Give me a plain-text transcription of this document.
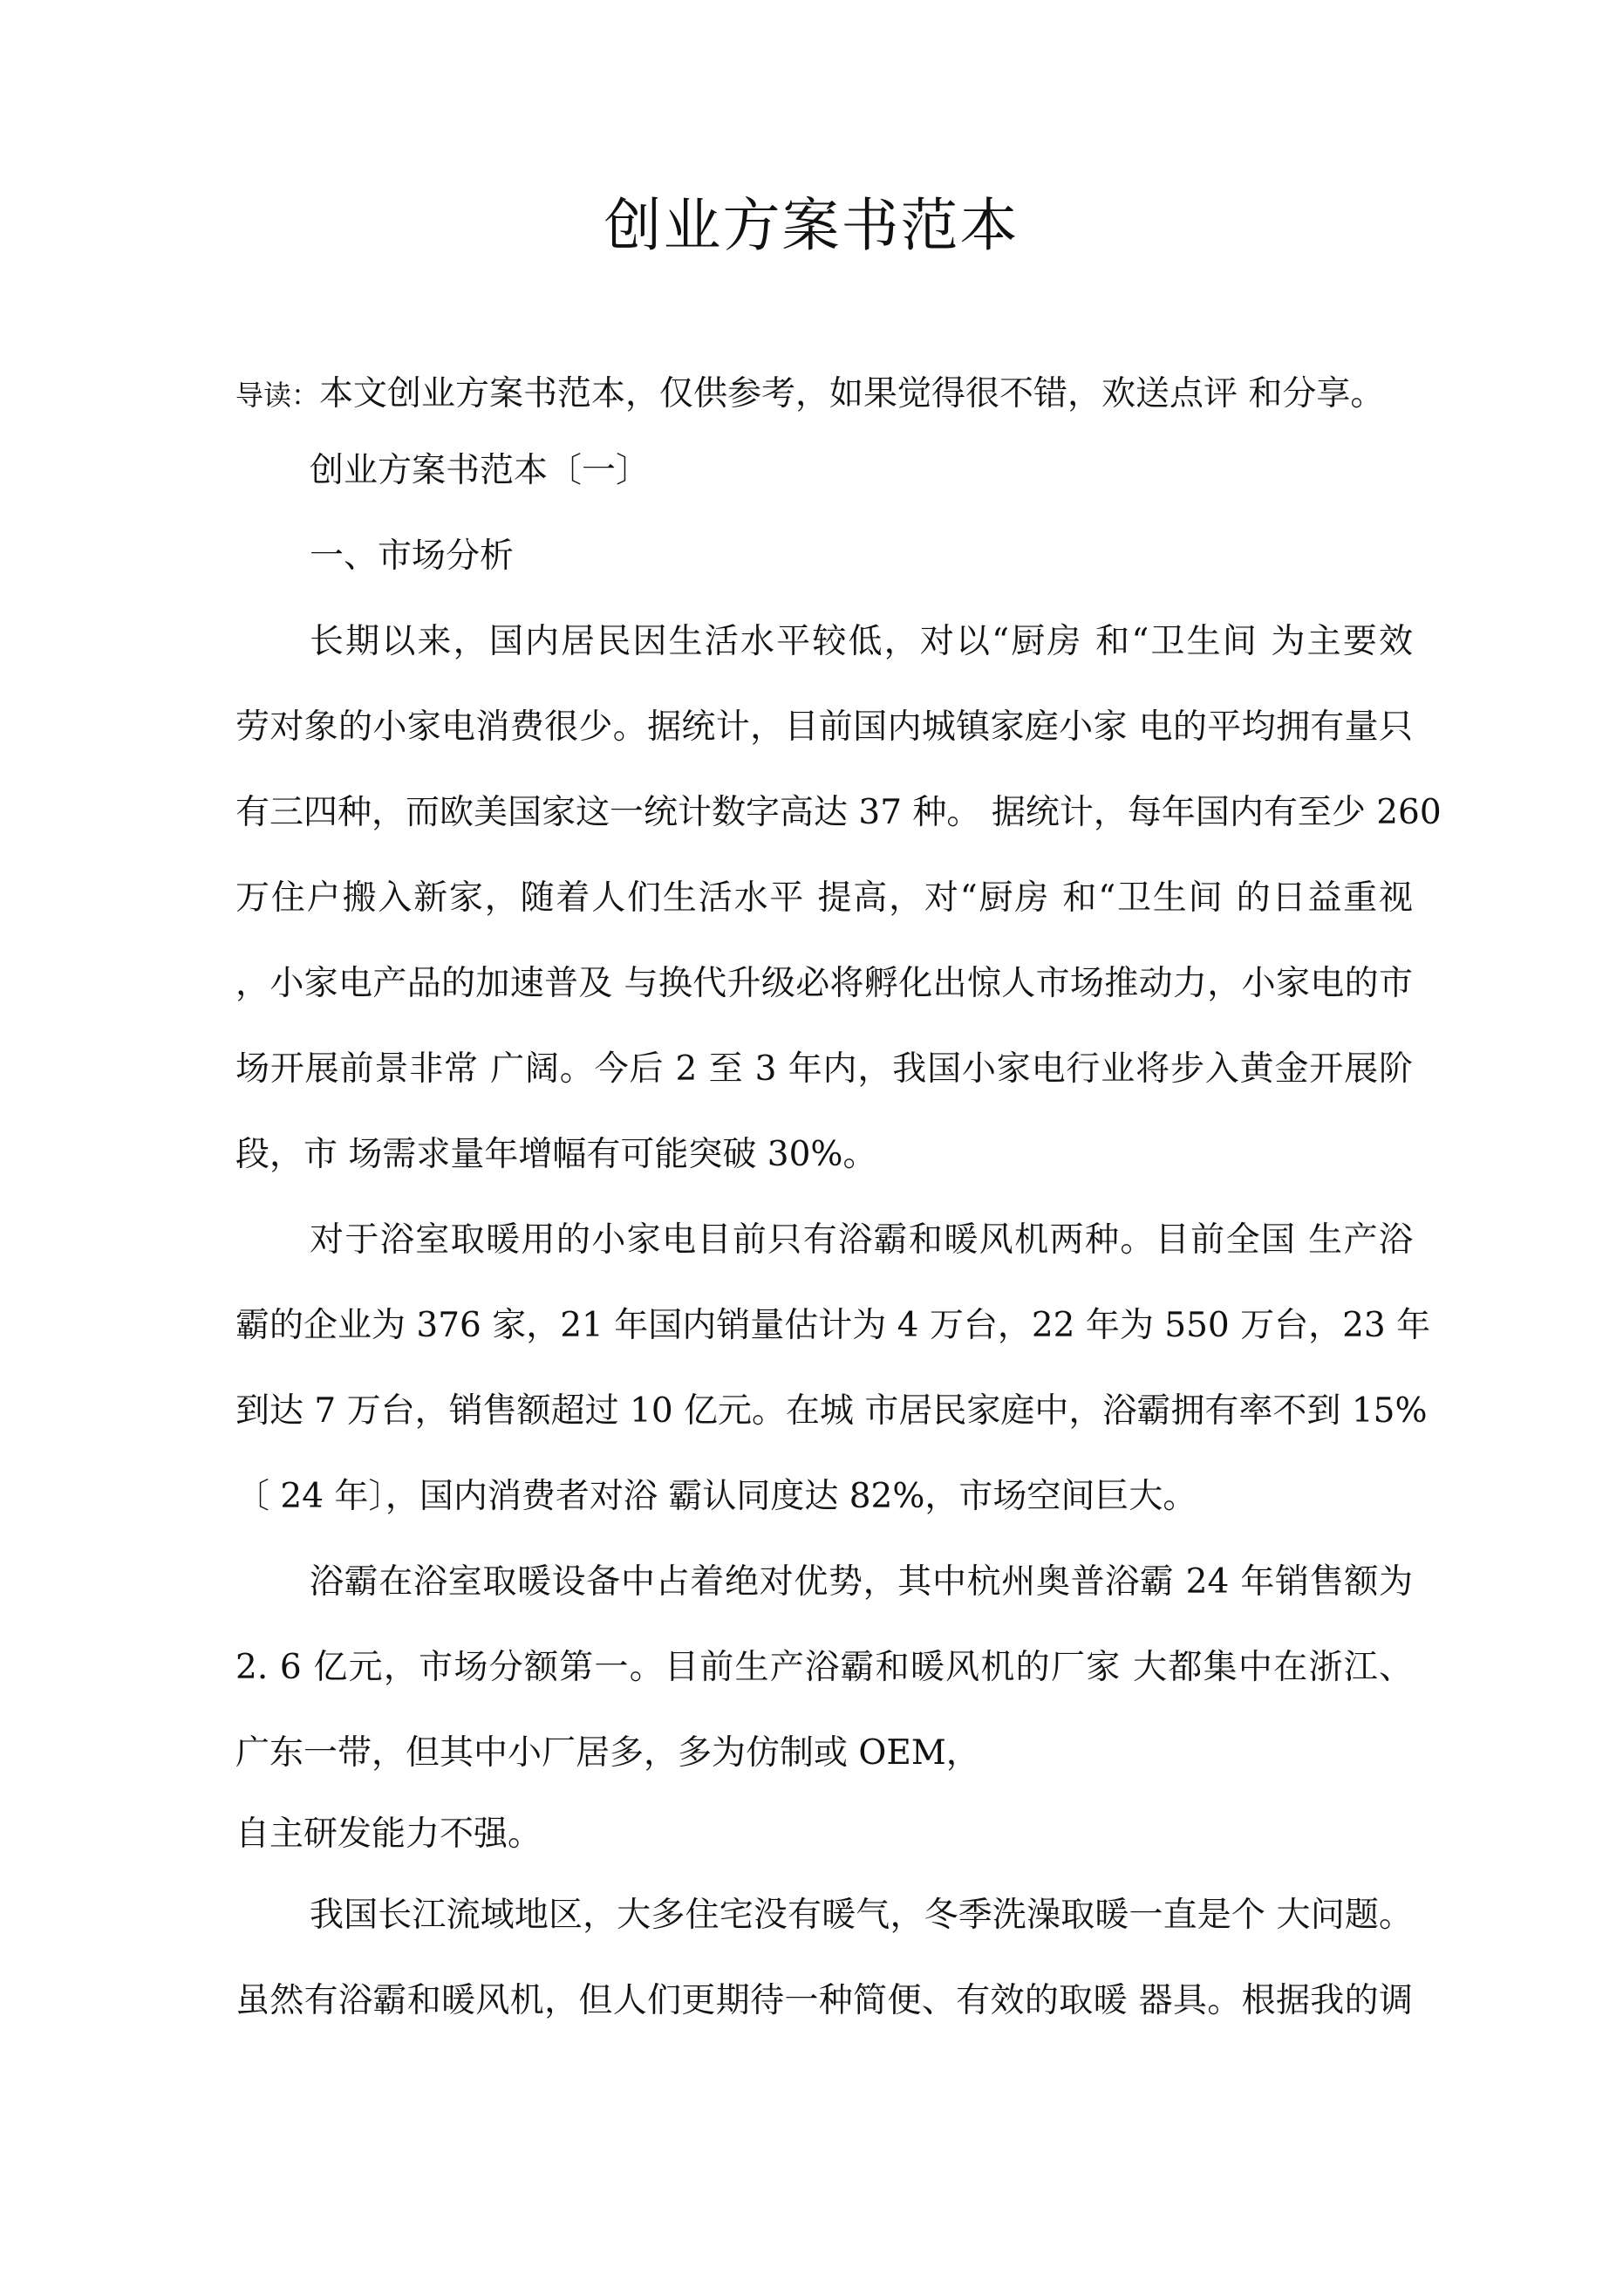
创业方案书范本
导读：本文创业方案书范本，仅供参考，如果觉得很不错，欢送点评 和分享。
创业方案书范本〔一〕
一、市场分析
长期以来，国内居民因生活水平较低，对以“厨房 和“卫生间 为主要效
劳对象的小家电消费很少。据统计，目前国内城镇家庭小家 电的平均拥有量只
有三四种，而欧美国家这一统计数字高达 37 种。 据统计，每年国内有至少 260
万住户搬入新家，随着人们生活水平 提高，对“厨房 和“卫生间 的日益重视
，小家电产品的加速普及 与换代升级必将孵化出惊人市场推动力，小家电的市
场开展前景非常 广阔。今后 2 至 3 年内，我国小家电行业将步入黄金开展阶
段，市 场需求量年增幅有可能突破 30%。
对于浴室取暖用的小家电目前只有浴霸和暖风机两种。目前全国 生产浴
霸的企业为 376 家，21 年国内销量估计为 4 万台，22 年为 550 万台，23 年
到达 7 万台，销售额超过 10 亿元。在城 市居民家庭中，浴霸拥有率不到 15%
〔 24 年〕，国内消费者对浴 霸认同度达 82%，市场空间巨大。
浴霸在浴室取暖设备中占着绝对优势，其中杭州奥普浴霸 24 年销售额为
2. 6 亿元，市场分额第一。目前生产浴霸和暖风机的厂家 大都集中在浙江、
广东一带，但其中小厂居多，多为仿制或 OEM，
自主研发能力不强。
我国长江流域地区，大多住宅没有暖气，冬季洗澡取暖一直是个 大问题。
虽然有浴霸和暖风机，但人们更期待一种简便、有效的取暖 器具。根据我的调
